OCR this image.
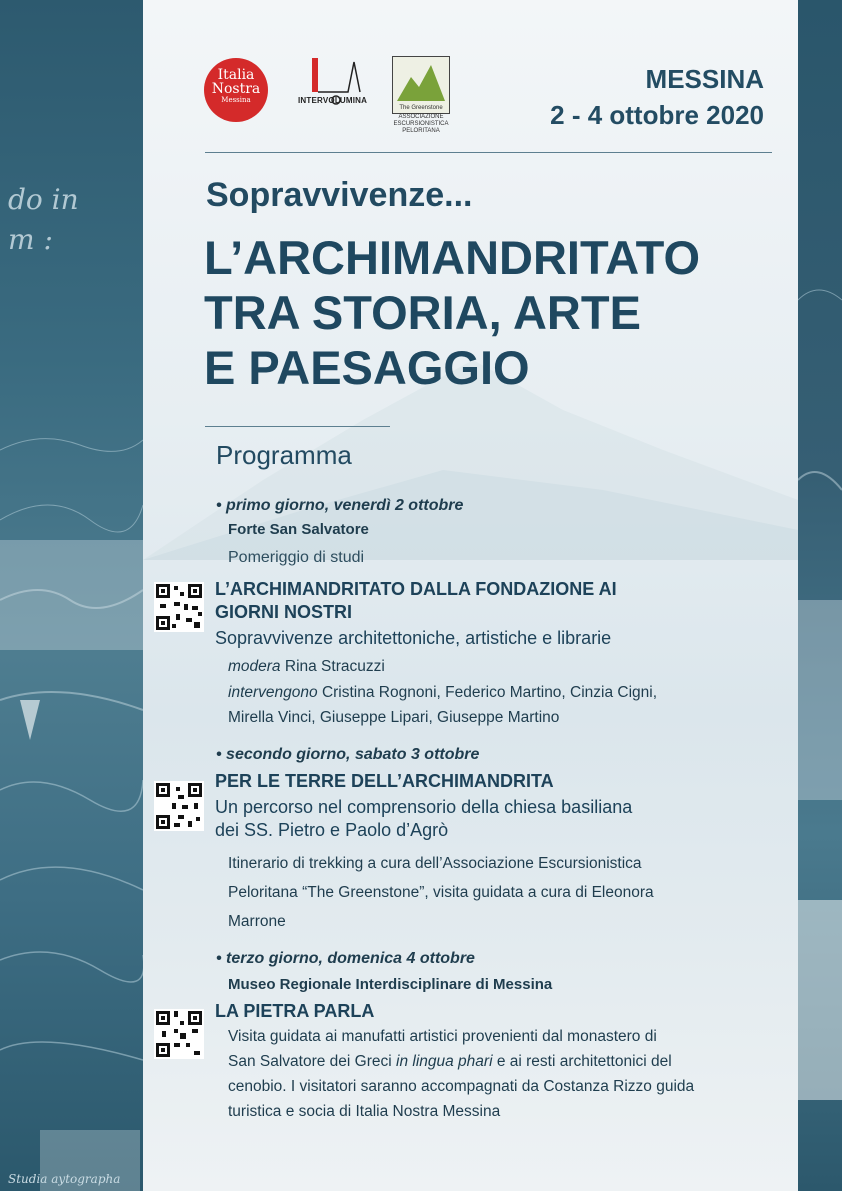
do in
m :
Studia aytographa
Italia
Nostra
Messina	INTERVOLUMINA
The Greenstone
ASSOCIAZIONE
ESCURSIONISTICA
PELORITANA
MESSINA
2 - 4 ottobre 2020
Sopravvivenze...
L’ARCHIMANDRITATO
TRA STORIA, ARTE
E PAESAGGIO
Programma
• primo giorno, venerdì 2 ottobre
Forte San Salvatore
Pomeriggio di studi
L’ARCHIMANDRITATO DALLA FONDAZIONE AI
GIORNI NOSTRI
Sopravvivenze architettoniche, artistiche e librarie
modera Rina Stracuzzi
intervengono Cristina Rognoni, Federico Martino, Cinzia Cigni,
Mirella Vinci, Giuseppe Lipari, Giuseppe Martino
• secondo giorno, sabato 3 ottobre
PER LE TERRE DELL’ARCHIMANDRITA
Un percorso nel comprensorio della chiesa basiliana
dei SS. Pietro e Paolo d’Agrò
Itinerario di trekking a cura dell’Associazione Escursionistica
Peloritana “The Greenstone”, visita guidata a cura di Eleonora
Marrone
• terzo giorno, domenica 4 ottobre
Museo Regionale Interdisciplinare di Messina
LA PIETRA PARLA
Visita guidata ai manufatti artistici provenienti dal monastero di
San Salvatore dei Greci in lingua phari e ai resti architettonici del
cenobio. I visitatori saranno accompagnati da Costanza Rizzo guida
turistica e socia di Italia Nostra Messina
